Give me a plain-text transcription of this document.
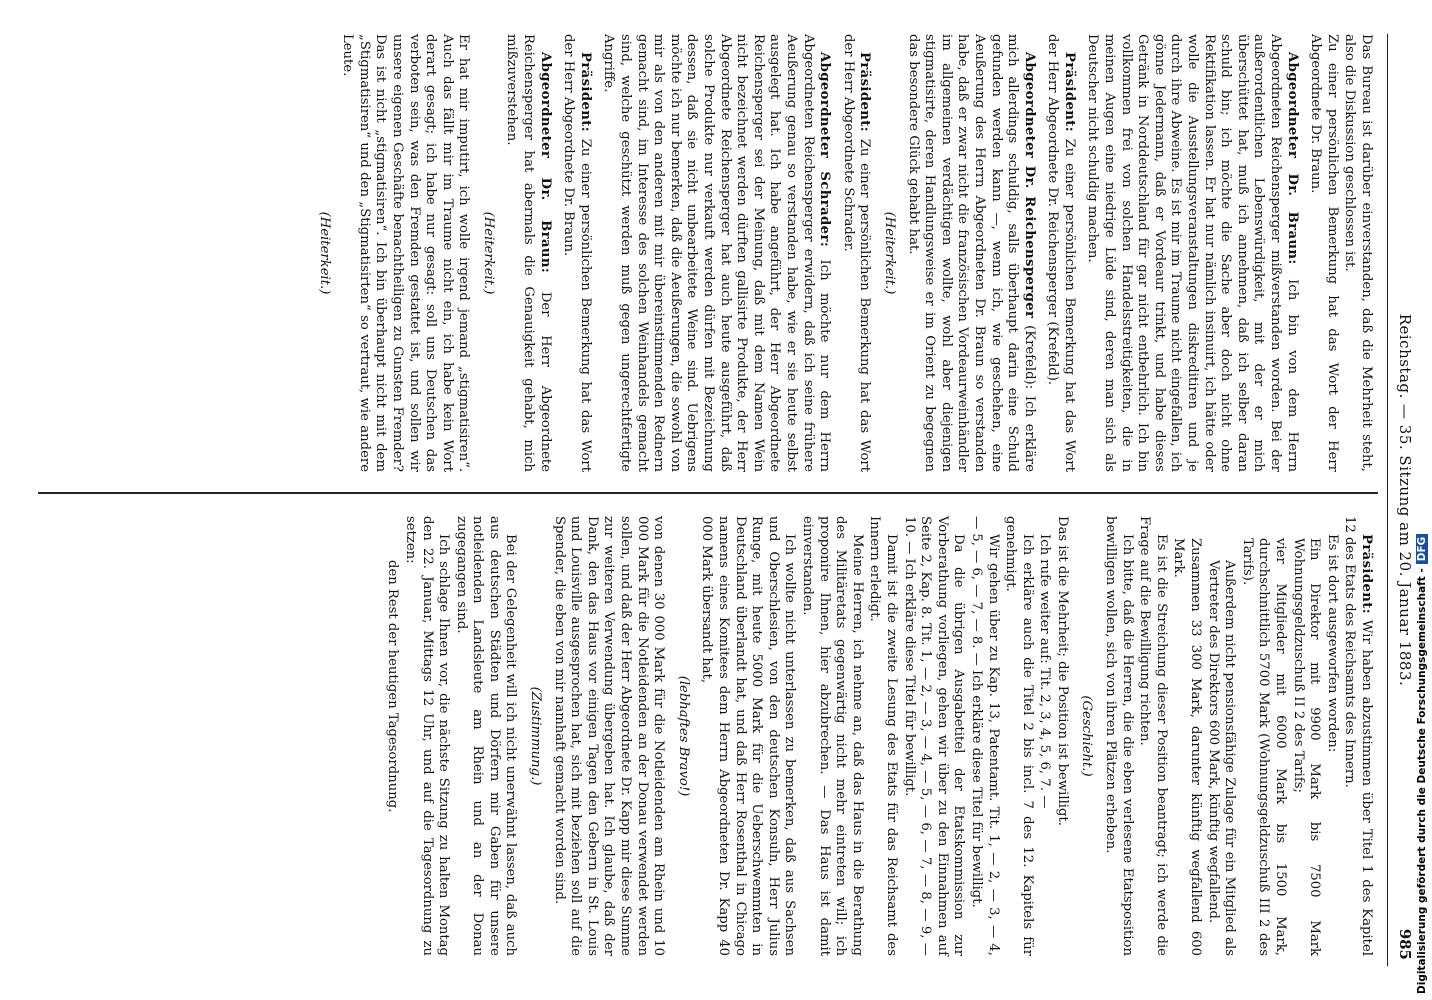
Reichstag. — 35. Sitzung am 20. Januar 1883.
985

Das Bureau ist darüber einverstanden, daß die Mehrheit steht, also die Diskussion geschlossen ist.

Zu einer persönlichen Bemerkung hat das Wort der Herr Abgeordnete Dr. Braun.

Abgeordneter Dr. Braun: Ich bin von dem Herrn Abgeordneten Reichensperger mißverstanden worden. Bei der außerordentlichen Lebenswürdigkeit, mit der er mich überschüttet hat, muß ich annehmen, daß ich selber daran schuld bin; ich möchte die Sache aber doch nicht ohne Rektifikation lassen. Er hat nur nämlich insinuirt, ich hätte oder wolle die Ausstellungsveranstaltungen diskreditiren und je durch ihre Abweine. Es ist mir im Traume nicht eingefallen, ich gönne Jedermann, daß er Vordeaur trinkt, und habe dieses Getränk in Norddeutschland für gar nicht entbehrlich. Ich bin vollkommen frei von solchen Handelsstreitigkeiten, die in meinen Augen eine niedrige Lüde sind, deren man sich als Deutscher nicht schuldig machen.

Präsident: Zu einer persönlichen Bemerkung hat das Wort der Herr Abgeordnete Dr. Reichensperger (Krefeld).

Abgeordneter Dr. Reichensperger (Krefeld): Ich erkläre mich allerdings schuldig, salls überhaupt darin eine Schuld gefunden werden kann —, wenn ich, wie geschehen, eine Aeußerung des Herrn Abgeordneten Dr. Braun so verstanden habe, daß er zwar nicht die französischen Vordeaurweinhändler im allgemeinen verdächtigen wollte, wohl aber diejenigen stigmatisirte, deren Handlungsweise er im Orient zu begegnen das besondere Glück gehabt hat.

(Heiterkeit.)

Präsident: Zu einer persönlichen Bemerkung hat das Wort der Herr Abgeordnete Schrader.

Abgeordneter Schrader: Ich möchte nur dem Herrn Abgeordneten Reichensperger erwidern, daß ich seine frühere Aeußerung genau so verstanden habe, wie er sie heute selbst ausgelegt hat. Ich habe angeführt, der Herr Abgeordnete Reichensperger sei der Meinung, daß mit dem Namen Wein nicht bezeichnet werden dürften gallisirte Produkte, der Herr Abgeordnete Reichensperger hat auch heute ausgeführt, daß solche Produkte nur verkauft werden dürfen mit Bezeichnung dessen, daß sie nicht unbearbeitete Weine sind. Uebrigens möchte ich nur bemerken, daß die Aeußerungen, die sowohl von mir als von den anderen mit mir übereinstimmenden Rednern gemacht sind, im Interesse des solchen Weinhandels gemacht sind, welche geschützt werden muß gegen ungerechtfertigte Angriffe.

Präsident: Zu einer persönlichen Bemerkung hat das Wort der Herr Abgeordnete Dr. Braun.

Abgeordneter Dr. Braun: Der Herr Abgeordnete Reichensperger hat abermals die Genauigkeit gehabt, mich mißzuverstehen.

(Heiterkeit.)

Er hat mir imputirt, ich wolle irgend jemand „stigmatisiren“. Auch das fällt mir im Traume nicht ein, ich habe kein Wort derart gesagt; ich habe nur gesagt: soll uns Deutschen das verboten sein, was den Fremden gestattet ist, und sollen wir unsere eigenen Geschäfte benachtheiligen zu Gunsten Fremder? Das ist nicht „stigmatisiren“. Ich bin überhaupt nicht mit dem „Stigmatisiren“ und den „Stigmatisirten“ so vertraut, wie andere Leute.

(Heiterkeit.)

Präsident: Wir haben abzustimmen über Titel 1 des Kapitel 12 des Etats des Reichsamts des Innern.

Es ist dort ausgeworfen worden:

Ein Direktor mit 9900 Mark bis 7500 Mark Wohnungsgeldzuschuß II 2 des Tarifs;

vier Mitglieder mit 6000 Mark bis 1500 Mark, durchschnittlich 5700 Mark (Wohnungsgeldzuschuß III 2 des Tarifs).

Außerdem nicht pensionsfähige Zulage für ein Mitglied als Vertreter des Direktors 600 Mark, künftig wegfallend.

Zusammen 33 300 Mark, darunter künftig wegfallend 600 Mark.

Es ist die Streichung dieser Position beantragt; ich werde die Frage auf die Bewilligung richten.

Ich bitte, daß die Herren, die die eben verlesene Etatsposition bewilligen wollen, sich von ihren Plätzen erheben.

(Geschieht.)

Das ist die Mehrheit; die Position ist bewilligt.

Ich rufe weiter auf: Tit. 2, 3, 4, 5, 6, 7. —

Ich erkläre auch die Titel 2 bis incl. 7 des 12. Kapitels für genehmigt.

Wir gehen über zu Kap. 13, Patentamt. Tit. 1, — 2, — 3, — 4, — 5, — 6, — 7, — 8. — Ich erkläre diese Titel für bewilligt.

Da die übrigen Ausgabetitel der Etatskommission zur Vorberathung vorliegen, gehen wir über zu den Einnahmen auf Seite 2, Kap. 8. Tit. 1, — 2, — 3, — 4, — 5, — 6, — 7, — 8, — 9, — 10. — Ich erkläre diese Titel für bewilligt.

Damit ist die zweite Lesung des Etats für das Reichsamt des Innern erledigt.

Meine Herren, ich nehme an, daß das Haus in die Berathung des Militäretats gegenwärtig nicht mehr eintreten will; ich proponire Ihnen, hier abzubrechen. — Das Haus ist damit einverstanden.

Ich wollte nicht unterlassen zu bemerken, daß aus Sachsen und Oberschlesien, von den deutschen Konsuln, Herr Julius Runge, mit heute 5000 Mark für die Ueberschwemmten in Deutschland überlandt hat, und daß Herr Rosenthal in Chicago namens eines Komitees dem Herrn Abgeordneten Dr. Kapp 40 000 Mark übersandt hat,

(lebhaftes Bravo!)

von denen 30 000 Mark für die Notleidenden am Rhein und 10 000 Mark für die Notleidenden an der Donau verwendet werden sollen, und daß der Herr Abgeordnete Dr. Kapp mir diese Summe zur weiteren Verwendung übergeben hat. Ich glaube, daß der Dank, den das Haus vor einigen Tagen den Gebern in St. Louis und Louisville ausgesprochen hat, sich mit beziehen soll auf die Spender, die eben von mir namhaft gemacht worden sind.

(Zustimmung.)

Bei der Gelegenheit will ich nicht unerwähnt lassen, daß auch aus deutschen Städten und Dörfern mir Gaben für unsere notleidenden Landsleute am Rhein und an der Donau zugegangen sind.

Ich schlage Ihnen vor, die nächste Sitzung zu halten Montag den 22. Januar, Mittags 12 Uhr, und auf die Tagesordnung zu setzen:

den Rest der heutigen Tagesordnung.	Digitalisierung gefördert durch die Deutsche Forschungsgemeinschaft -DFG
